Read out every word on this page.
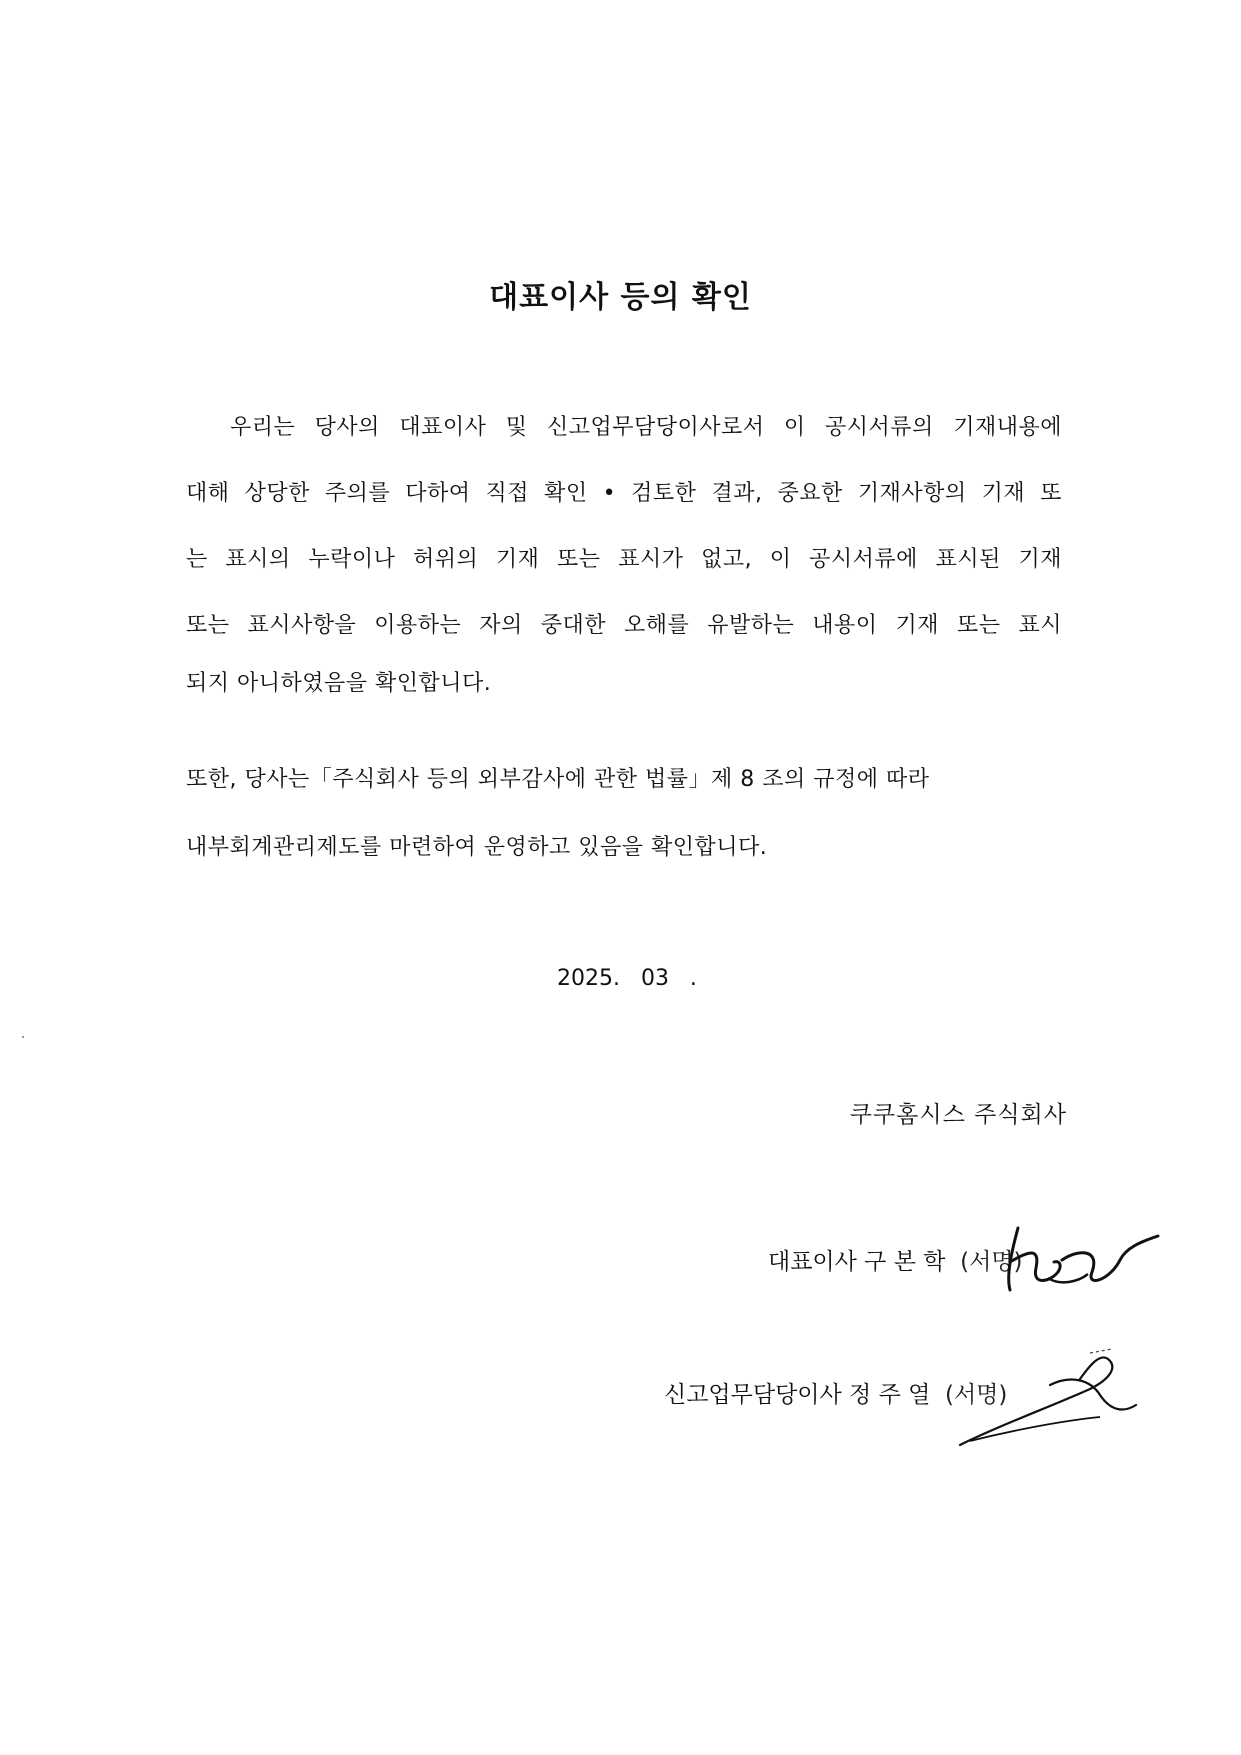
대표이사 등의 확인
우리는 당사의 대표이사 및 신고업무담당이사로서 이 공시서류의 기재내용에
대해 상당한 주의를 다하여 직접 확인 • 검토한 결과, 중요한 기재사항의 기재 또
는 표시의 누락이나 허위의 기재 또는 표시가 없고, 이 공시서류에 표시된 기재
또는 표시사항을 이용하는 자의 중대한 오해를 유발하는 내용이 기재 또는 표시
되지 아니하였음을 확인합니다.
또한, 당사는「주식회사 등의 외부감사에 관한 법률」제 8 조의 규정에 따라
내부회계관리제도를 마련하여 운영하고 있음을 확인합니다.
2025.   03   .
쿠쿠홈시스 주식회사
대표이사 구 본 학 (서명)
신고업무담당이사 정 주 열 (서명)
